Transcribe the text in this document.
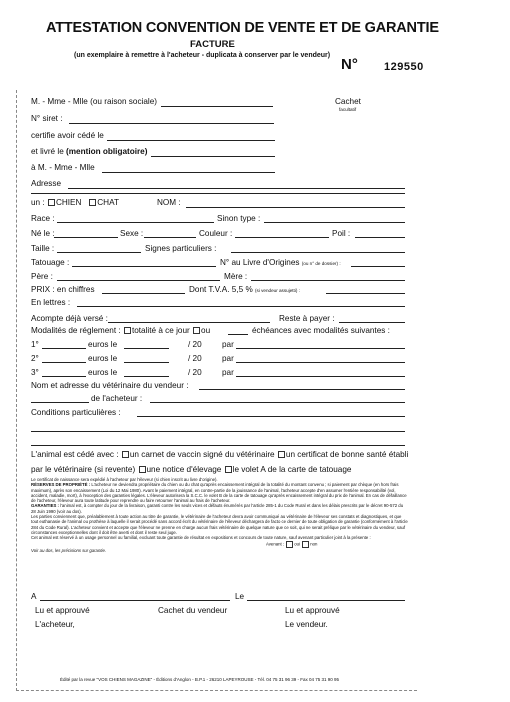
ATTESTATION CONVENTION DE VENTE ET DE GARANTIE
FACTURE
(un exemplaire à remettre à l'acheteur - duplicata à conserver par le vendeur)
N° 129550
Cachet
facultatif
M. - Mme - Mlle (ou raison sociale)
N° siret :
certifie avoir cédé le
et livré le (mention obligatoire)
à M. - Mme - Mlle
Adresse
un : CHIEN CHAT	NOM :
Race :	Sinon type :
Né le :	Sexe :	Couleur :	Poil :
Taille :	Signes particuliers :
Tatouage :	N° au Livre d'Origines (ou n° de dossier) :
Père :	Mère :
PRIX : en chiffres	Dont T.V.A. 5,5 % (si vendeur assujetti) :
En lettres :
Acompte déjà versé :	Reste à payer :
Modalités de réglement : totalité à ce jour ou	échéances avec modalités suivantes :
1°	euros le	/ 20 par
2°	euros le	/ 20 par
3°	euros le	/ 20 par
Nom et adresse du vétérinaire du vendeur :
de l'acheteur :
Conditions particulières :
L'animal est cédé avec : un carnet de vaccin signé du vétérinaire un certificat de bonne santé établi
par le vétérinaire (si revente) une notice d'élevage le volet A de la carte de tatouage

Le certificat de naissance sera expédié à l'acheteur par l'éleveur (si chien inscrit au livre d'origine).

RÉSERVES DE PROPRIÉTÉ : L'acheteur ne deviendra propriétaire du chien ou du chat qu'après encaissement intégral de la totalité du montant convenu ; si paiement par chèque (en hors frais maximum), après son encaissement (Loi du 12 Mai 1980). Avant le paiement intégral, en contre-partie de la jouissance de l'animal, l'acheteur accepte d'en assumer l'entière responsabilité (vol, accident, maladie, mort), à l'exception des garanties légales. L'éleveur autorisera la S.C.C. le volet B de la carte de tatouage qu'après encaissement intégral du prix de l'animal. En cas de défaillance de l'acheteur, l'éleveur aura toute latitude pour reprendre ou faire retourner l'animal au frais de l'acheteur.

GARANTIES : l'animal est, à compter du jour de la livraison, garanti contre les seuls vices et défauts énumérés par l'article 285-1 du Code Rural et dans les délais prescrits par le décret 90-572 du 28 Juin 1990 (voir au dos).

Les parties conviennent que, préalablement à toute action au titre de garantie, le vétérinaire de l'acheteur devra avoir communiqué au vétérinaire de l'éleveur ses constats et diagnostiques, et que tout euthanasie de l'animal ou prothèse à laquelle il serait procédé sans accord écrit du vétérinaire de l'éleveur déchargera de facto ce dernier de toute obligation de garantie (conformément à l'article 284 du Code Rural). L'acheteur convient et accepte que l'éleveur ne prenne en charge aucun frais vétérinaire de quelque nature que ce soit, qui ne serait prélique par le vétérinaire du vendeur, sauf circonstances exceptionnelles dont il doit être averti et dont il reste seul juge.

Cet animal est réservé à un usage personnel ou familial, excluant toute garantie de résultat en expositions et concours de toute nature, sauf avenant particulier joint à la présente :

Avenant : oui non

Voir au dos, les précisions sur garantie.

A	Le
Lu et approuvé	Cachet du vendeur	Lu et approuvé
L'acheteur,	Le vendeur.
Édité par la revue "VOS CHIENS MAGAZINE" - Éditions d'Anglon - B.P.1 - 26210 LAPEYROUSE - Tél. 04 75 31 96 39 - Fax 04 75 31 90 95
